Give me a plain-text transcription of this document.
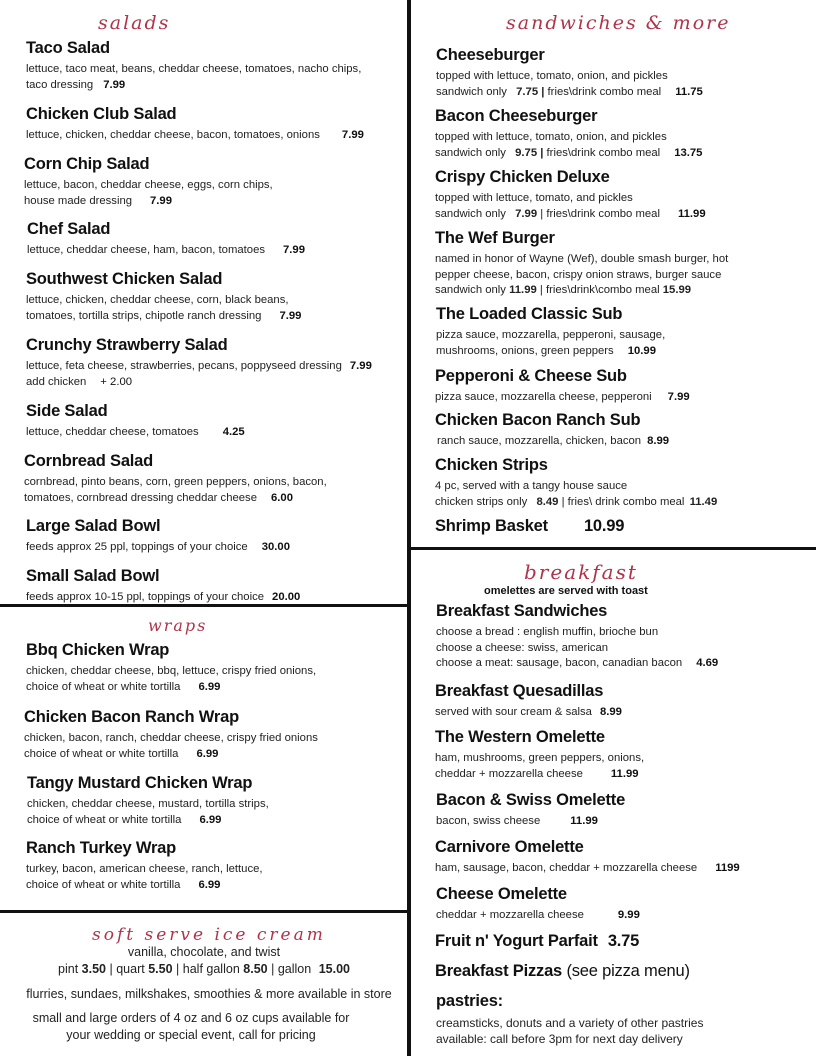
salads
wraps
sandwiches & more
breakfast
soft serve ice cream
Taco Salad
lettuce, taco meat, beans, cheddar cheese, tomatoes, nacho chips,
taco dressing 7.99
Chicken Club Salad
lettuce, chicken, cheddar cheese, bacon, tomatoes, onions 7.99
Corn Chip Salad
lettuce, bacon, cheddar cheese, eggs, corn chips,
house made dressing 7.99
Chef Salad
lettuce, cheddar cheese, ham, bacon, tomatoes 7.99
Southwest Chicken Salad
lettuce, chicken, cheddar cheese, corn, black beans,
tomatoes, tortilla strips, chipotle ranch dressing 7.99
Crunchy Strawberry Salad
lettuce, feta cheese, strawberries, pecans, poppyseed dressing 7.99
add chicken + 2.00
Side Salad
lettuce, cheddar cheese, tomatoes 4.25
Cornbread Salad
cornbread, pinto beans, corn, green peppers, onions, bacon,
tomatoes, cornbread dressing cheddar cheese 6.00
Large Salad Bowl
feeds approx 25 ppl, toppings of your choice 30.00
Small Salad Bowl
feeds approx 10-15 ppl, toppings of your choice 20.00
Bbq Chicken Wrap
chicken, cheddar cheese, bbq, lettuce, crispy fried onions,
choice of wheat or white tortilla 6.99
Chicken Bacon Ranch Wrap
chicken, bacon, ranch, cheddar cheese, crispy fried onions
choice of wheat or white tortilla 6.99
Tangy Mustard Chicken Wrap
chicken, cheddar cheese, mustard, tortilla strips,
choice of wheat or white tortilla 6.99
Ranch Turkey Wrap
turkey, bacon, american cheese, ranch, lettuce,
choice of wheat or white tortilla 6.99
vanilla, chocolate, and twist
pint 3.50 | quart 5.50 | half gallon 8.50 | gallon 15.00
flurries, sundaes, milkshakes, smoothies & more available in store
small and large orders of 4 oz and 6 oz cups available for
your wedding or special event, call for pricing
Cheeseburger
topped with lettuce, tomato, onion, and pickles
sandwich only 7.75 | fries\drink combo meal 11.75
Bacon Cheeseburger
topped with lettuce, tomato, onion, and pickles
sandwich only 9.75 | fries\drink combo meal 13.75
Crispy Chicken Deluxe
topped with lettuce, tomato, and pickles
sandwich only 7.99 | fries\drink combo meal 11.99
The Wef Burger
named in honor of Wayne (Wef), double smash burger, hot
pepper cheese, bacon, crispy onion straws, burger sauce
sandwich only 11.99 | fries\drink\combo meal 15.99
The Loaded Classic Sub
pizza sauce, mozzarella, pepperoni, sausage,
mushrooms, onions, green peppers 10.99
Pepperoni & Cheese Sub
pizza sauce, mozzarella cheese, pepperoni 7.99
Chicken Bacon Ranch Sub
ranch sauce, mozzarella, chicken, bacon 8.99
Chicken Strips
4 pc, served with a tangy house sauce
chicken strips only 8.49 | fries\ drink combo meal 11.49
Shrimp Basket 10.99
omelettes are served with toast
Breakfast Sandwiches
choose a bread : english muffin, brioche bun
choose a cheese: swiss, american
choose a meat: sausage, bacon, canadian bacon 4.69
Breakfast Quesadillas
served with sour cream & salsa 8.99
The Western Omelette
ham, mushrooms, green peppers, onions,
cheddar + mozzarella cheese 11.99
Bacon & Swiss Omelette
bacon, swiss cheese	11.99
Carnivore Omelette
ham, sausage, bacon, cheddar + mozzarella cheese 1199
Cheese Omelette
cheddar + mozzarella cheese	9.99
Fruit n' Yogurt Parfait 3.75
Breakfast Pizzas (see pizza menu)
pastries:
creamsticks, donuts and a variety of other pastries
available: call before 3pm for next day delivery
